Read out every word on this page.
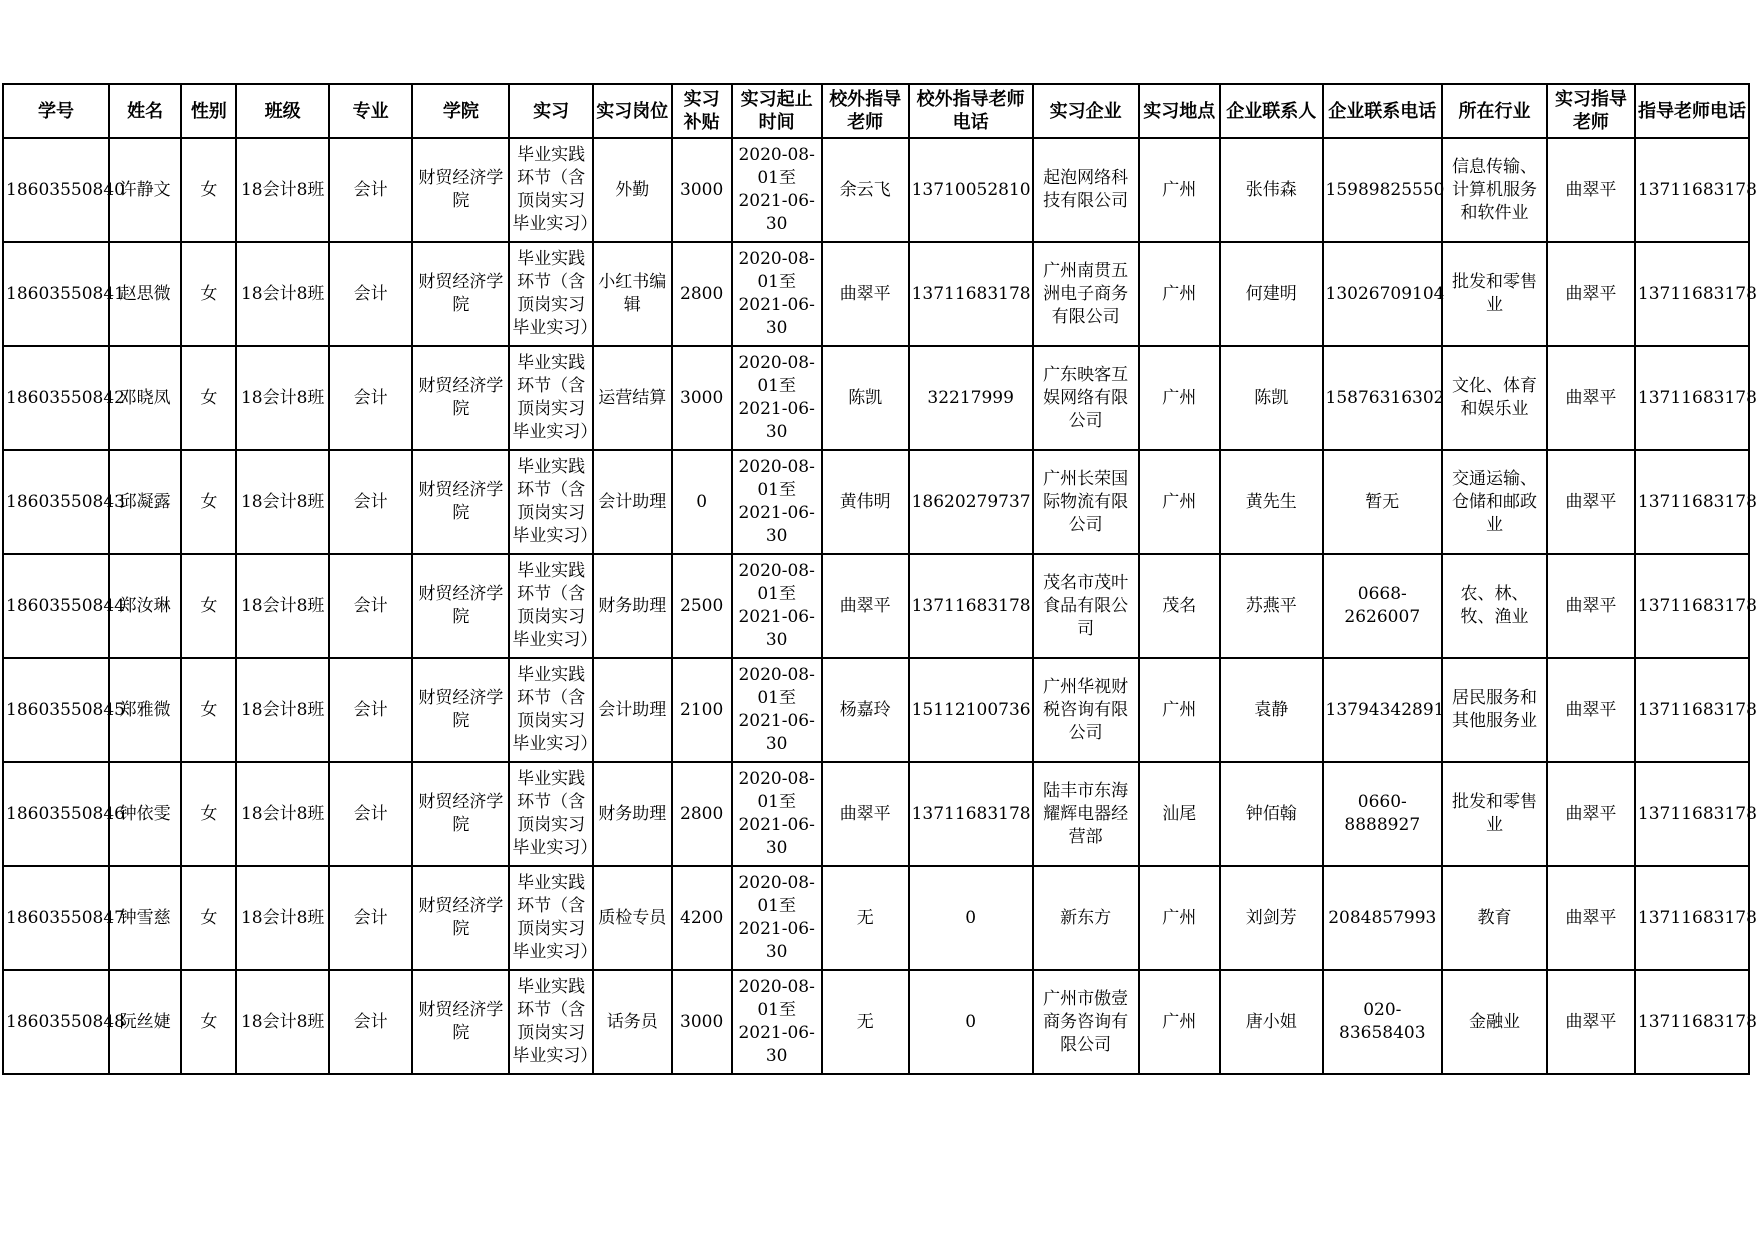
学号	姓名	性别	班级	专业	学院	实习	实习岗位	实习补贴	实习起止时间	校外指导老师	校外指导老师电话	实习企业	实习地点	企业联系人	企业联系电话	所在行业	实习指导老师	指导老师电话

18603550840	许静文	女	18会计8班	会计	财贸经济学院	毕业实践环节（含顶岗实习毕业实习）	外勤	3000	2020-08-01至2021-06-30	余云飞	13710052810	起泡网络科技有限公司	广州	张伟森	15989825550	信息传输、计算机服务和软件业	曲翠平	13711683178

18603550841	赵思微	女	18会计8班	会计	财贸经济学院	毕业实践环节（含顶岗实习毕业实习）	小红书编辑	2800	2020-08-01至2021-06-30	曲翠平	13711683178	广州南贯五洲电子商务有限公司	广州	何建明	13026709104	批发和零售业	曲翠平	13711683178

18603550842	邓晓凤	女	18会计8班	会计	财贸经济学院	毕业实践环节（含顶岗实习毕业实习）	运营结算	3000	2020-08-01至2021-06-30	陈凯	32217999	广东映客互娱网络有限公司	广州	陈凯	15876316302	文化、体育和娱乐业	曲翠平	13711683178

18603550843	邱凝露	女	18会计8班	会计	财贸经济学院	毕业实践环节（含顶岗实习毕业实习）	会计助理	0	2020-08-01至2021-06-30	黄伟明	18620279737	广州长荣国际物流有限公司	广州	黄先生	暂无	交通运输、仓储和邮政业	曲翠平	13711683178

18603550844	郑汝琳	女	18会计8班	会计	财贸经济学院	毕业实践环节（含顶岗实习毕业实习）	财务助理	2500	2020-08-01至2021-06-30	曲翠平	13711683178	茂名市茂叶食品有限公司	茂名	苏燕平	0668-2626007	农、林、牧、渔业	曲翠平	13711683178

18603550845	郑雅微	女	18会计8班	会计	财贸经济学院	毕业实践环节（含顶岗实习毕业实习）	会计助理	2100	2020-08-01至2021-06-30	杨嘉玲	15112100736	广州华视财税咨询有限公司	广州	袁静	13794342891	居民服务和其他服务业	曲翠平	13711683178

18603550846	钟依雯	女	18会计8班	会计	财贸经济学院	毕业实践环节（含顶岗实习毕业实习）	财务助理	2800	2020-08-01至2021-06-30	曲翠平	13711683178	陆丰市东海耀辉电器经营部	汕尾	钟佰翰	0660-8888927	批发和零售业	曲翠平	13711683178

18603550847	钟雪慈	女	18会计8班	会计	财贸经济学院	毕业实践环节（含顶岗实习毕业实习）	质检专员	4200	2020-08-01至2021-06-30	无	0	新东方	广州	刘剑芳	2084857993	教育	曲翠平	13711683178

18603550848	阮丝婕	女	18会计8班	会计	财贸经济学院	毕业实践环节（含顶岗实习毕业实习）	话务员	3000	2020-08-01至2021-06-30	无	0	广州市傲壹商务咨询有限公司	广州	唐小姐	020-83658403	金融业	曲翠平	13711683178
